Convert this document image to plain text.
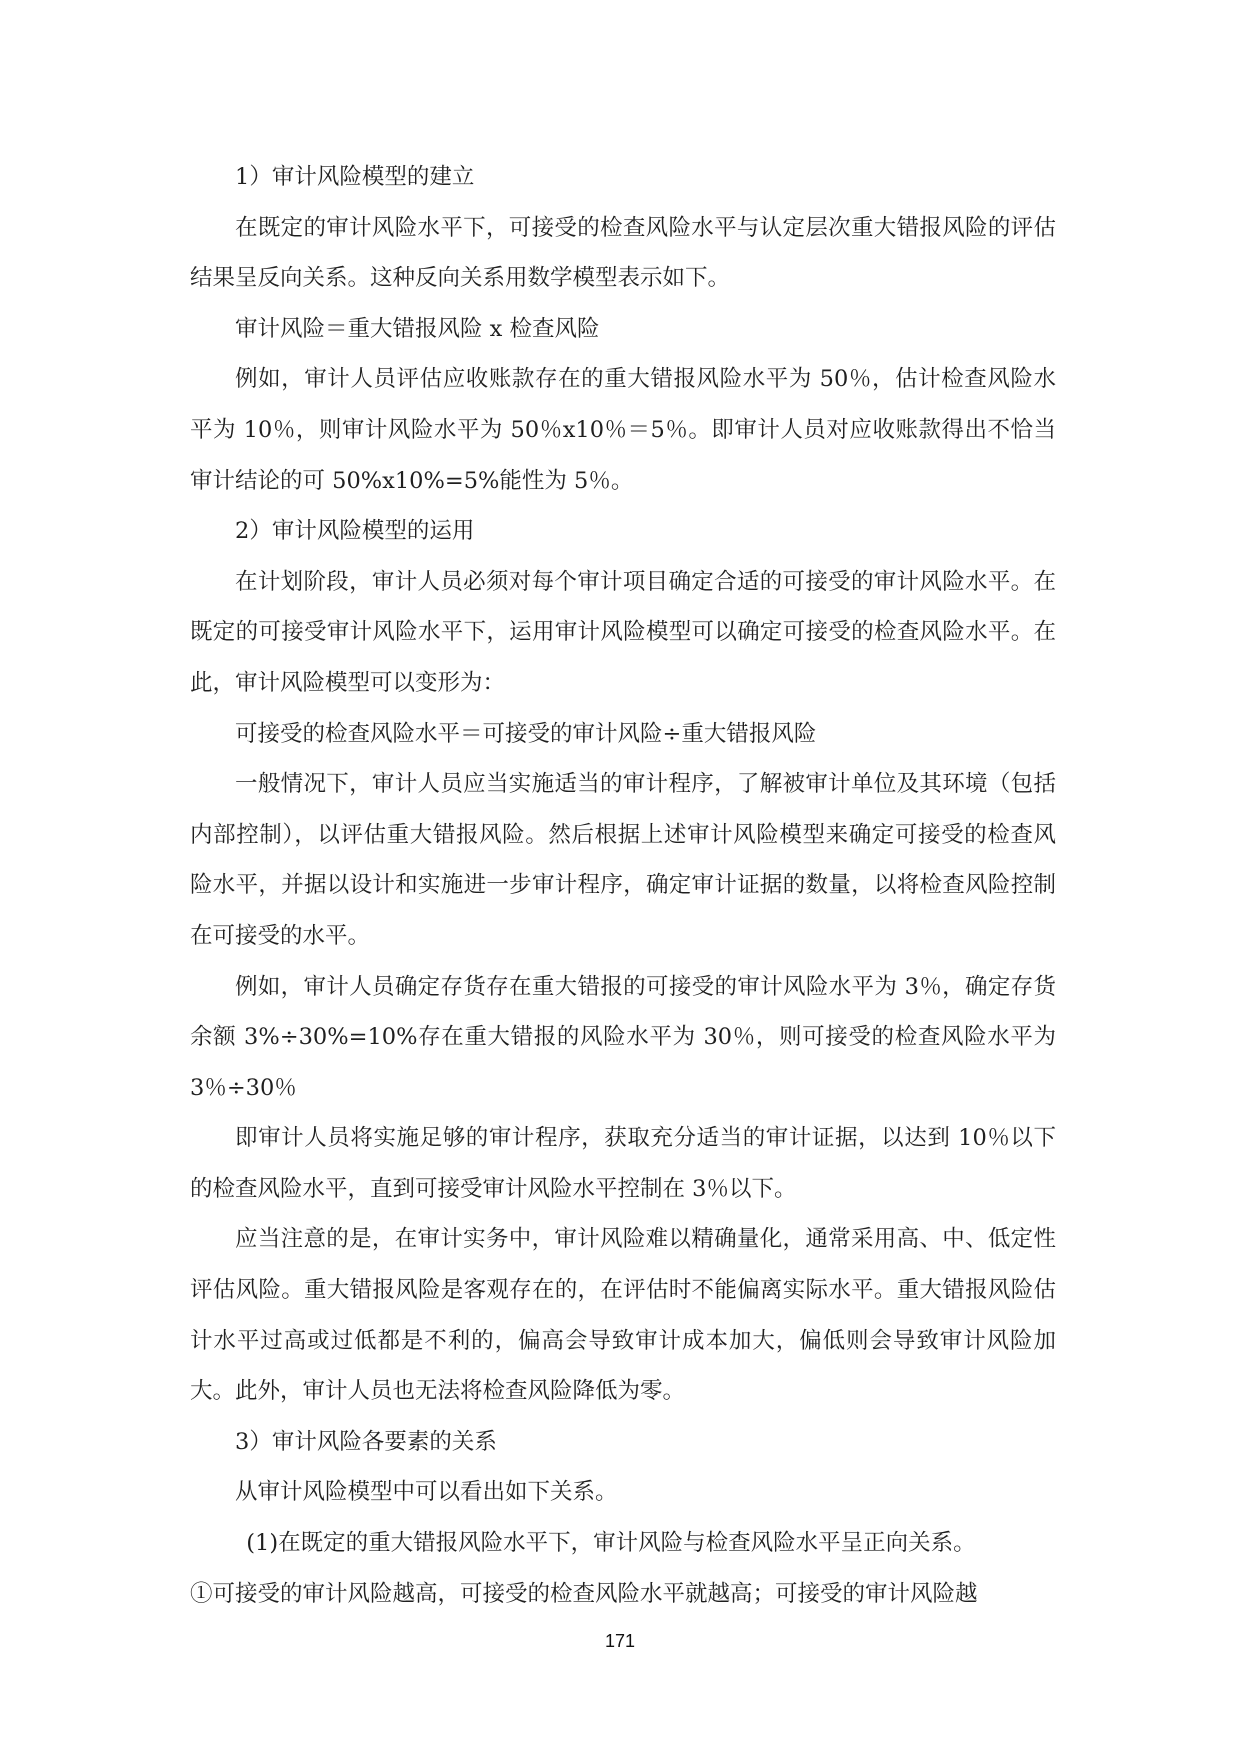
1）审计风险模型的建立

在既定的审计风险水平下，可接受的检查风险水平与认定层次重大错报风险的评估结果呈反向关系。这种反向关系用数学模型表示如下。

审计风险＝重大错报风险 x 检查风险

例如，审计人员评估应收账款存在的重大错报风险水平为 50％，估计检查风险水平为 10％，则审计风险水平为 50％x10％＝5％。即审计人员对应收账款得出不恰当审计结论的可 50%x10%=5%能性为 5％。

2）审计风险模型的运用

在计划阶段，审计人员必须对每个审计项目确定合适的可接受的审计风险水平。在既定的可接受审计风险水平下，运用审计风险模型可以确定可接受的检查风险水平。在此，审计风险模型可以变形为：

可接受的检查风险水平＝可接受的审计风险÷重大错报风险

一般情况下，审计人员应当实施适当的审计程序，了解被审计单位及其环境（包括内部控制），以评估重大错报风险。然后根据上述审计风险模型来确定可接受的检查风险水平，并据以设计和实施进一步审计程序，确定审计证据的数量，以将检查风险控制在可接受的水平。

例如，审计人员确定存货存在重大错报的可接受的审计风险水平为 3％，确定存货余额 3%÷30%=10%存在重大错报的风险水平为 30％，则可接受的检查风险水平为 3％÷30％

即审计人员将实施足够的审计程序，获取充分适当的审计证据，以达到 10％以下的检查风险水平，直到可接受审计风险水平控制在 3％以下。

应当注意的是，在审计实务中，审计风险难以精确量化，通常采用高、中、低定性评估风险。重大错报风险是客观存在的，在评估时不能偏离实际水平。重大错报风险估计水平过高或过低都是不利的，偏高会导致审计成本加大，偏低则会导致审计风险加大。此外，审计人员也无法将检查风险降低为零。

3）审计风险各要素的关系

从审计风险模型中可以看出如下关系。

(1)在既定的重大错报风险水平下，审计风险与检查风险水平呈正向关系。

①可接受的审计风险越高，可接受的检查风险水平就越高；可接受的审计风险越

171
